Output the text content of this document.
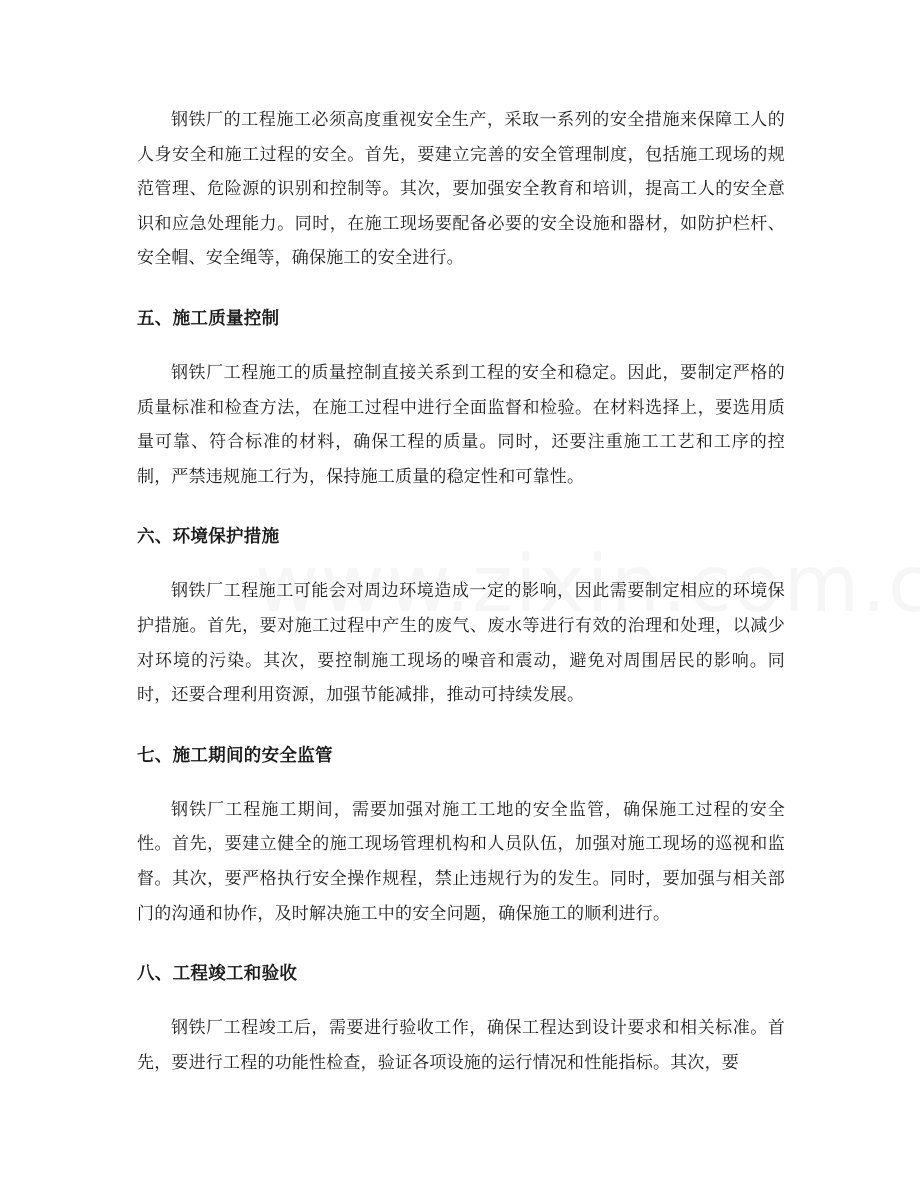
钢铁厂的工程施工必须高度重视安全生产，采取一系列的安全措施来保障工人的人身安全和施工过程的安全。首先，要建立完善的安全管理制度，包括施工现场的规范管理、危险源的识别和控制等。其次，要加强安全教育和培训，提高工人的安全意识和应急处理能力。同时，在施工现场要配备必要的安全设施和器材，如防护栏杆、安全帽、安全绳等，确保施工的安全进行。

五、施工质量控制

钢铁厂工程施工的质量控制直接关系到工程的安全和稳定。因此，要制定严格的质量标准和检查方法，在施工过程中进行全面监督和检验。在材料选择上，要选用质量可靠、符合标准的材料，确保工程的质量。同时，还要注重施工工艺和工序的控制，严禁违规施工行为，保持施工质量的稳定性和可靠性。

六、环境保护措施

钢铁厂工程施工可能会对周边环境造成一定的影响，因此需要制定相应的环境保护措施。首先，要对施工过程中产生的废气、废水等进行有效的治理和处理，以减少对环境的污染。其次，要控制施工现场的噪音和震动，避免对周围居民的影响。同时，还要合理利用资源，加强节能减排，推动可持续发展。

七、施工期间的安全监管

钢铁厂工程施工期间，需要加强对施工工地的安全监管，确保施工过程的安全性。首先，要建立健全的施工现场管理机构和人员队伍，加强对施工现场的巡视和监督。其次，要严格执行安全操作规程，禁止违规行为的发生。同时，要加强与相关部门的沟通和协作，及时解决施工中的安全问题，确保施工的顺利进行。

八、工程竣工和验收

钢铁厂工程竣工后，需要进行验收工作，确保工程达到设计要求和相关标准。首先，要进行工程的功能性检查，验证各项设施的运行情况和性能指标。其次，要
